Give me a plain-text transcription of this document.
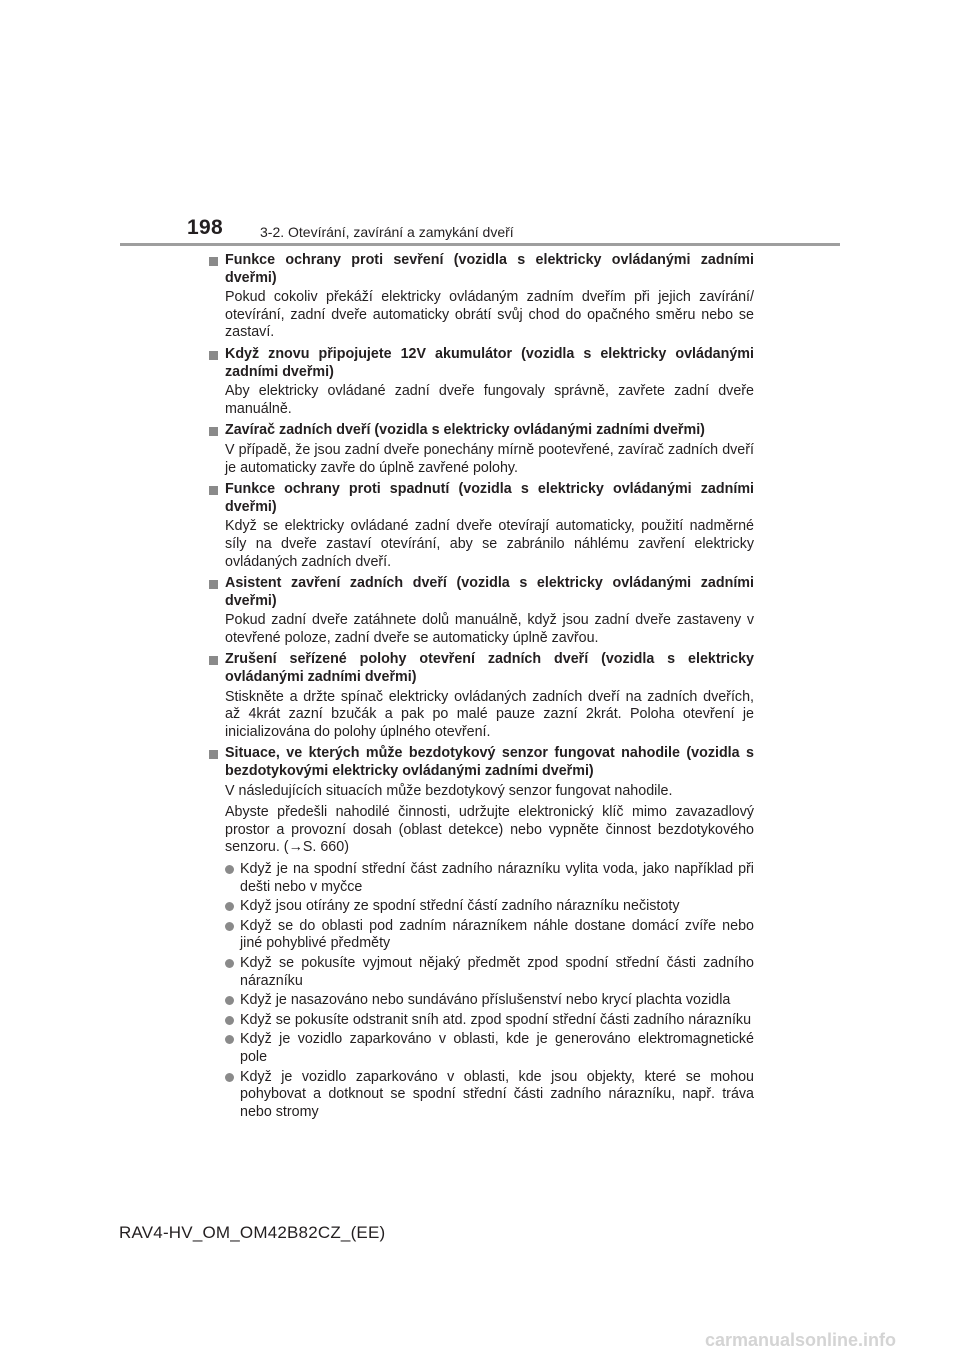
198	3-2. Otevírání, zavírání a zamykání dveří
Funkce ochrany proti sevření (vozidla s elektricky ovládanými zadními dveřmi)
Pokud cokoliv překáží elektricky ovládaným zadním dveřím při jejich zavírání/ otevírání, zadní dveře automaticky obrátí svůj chod do opačného směru nebo se zastaví.
Když znovu připojujete 12V akumulátor (vozidla s elektricky ovládanými zadními dveřmi)
Aby elektricky ovládané zadní dveře fungovaly správně, zavřete zadní dveře manuálně.
Zavírač zadních dveří (vozidla s elektricky ovládanými zadními dveřmi)
V případě, že jsou zadní dveře ponechány mírně pootevřené, zavírač zadních dveří je automaticky zavře do úplně zavřené polohy.
Funkce ochrany proti spadnutí (vozidla s elektricky ovládanými zadními dveřmi)
Když se elektricky ovládané zadní dveře otevírají automaticky, použití nadměrné síly na dveře zastaví otevírání, aby se zabránilo náhlému zavření elektricky ovládaných zadních dveří.
Asistent zavření zadních dveří (vozidla s elektricky ovládanými zadními dveřmi)
Pokud zadní dveře zatáhnete dolů manuálně, když jsou zadní dveře zastaveny v otevřené poloze, zadní dveře se automaticky úplně zavřou.
Zrušení seřízené polohy otevření zadních dveří (vozidla s elektricky ovládanými zadními dveřmi)
Stiskněte a držte spínač elektricky ovládaných zadních dveří na zadních dveřích, až 4krát zazní bzučák a pak po malé pauze zazní 2krát. Poloha otevření je inicializována do polohy úplného otevření.
Situace, ve kterých může bezdotykový senzor fungovat nahodile (vozidla s bezdotykovými elektricky ovládanými zadními dveřmi)
V následujících situacích může bezdotykový senzor fungovat nahodile.
Abyste předešli nahodilé činnosti, udržujte elektronický klíč mimo zavazadlový prostor a provozní dosah (oblast detekce) nebo vypněte činnost bezdotykového senzoru. (→S. 660)
Když je na spodní střední část zadního nárazníku vylita voda, jako například při dešti nebo v myčce
Když jsou otírány ze spodní střední částí zadního nárazníku nečistoty
Když se do oblasti pod zadním nárazníkem náhle dostane domácí zvíře nebo jiné pohyblivé předměty
Když se pokusíte vyjmout nějaký předmět zpod spodní střední části zadního nárazníku
Když je nasazováno nebo sundáváno příslušenství nebo krycí plachta vozidla
Když se pokusíte odstranit sníh atd. zpod spodní střední části zadního nárazníku
Když je vozidlo zaparkováno v oblasti, kde je generováno elektromagnetické pole
Když je vozidlo zaparkováno v oblasti, kde jsou objekty, které se mohou pohybovat a dotknout se spodní střední části zadního nárazníku, např. tráva nebo stromy
RAV4-HV_OM_OM42B82CZ_(EE)
carmanualsonline.info
